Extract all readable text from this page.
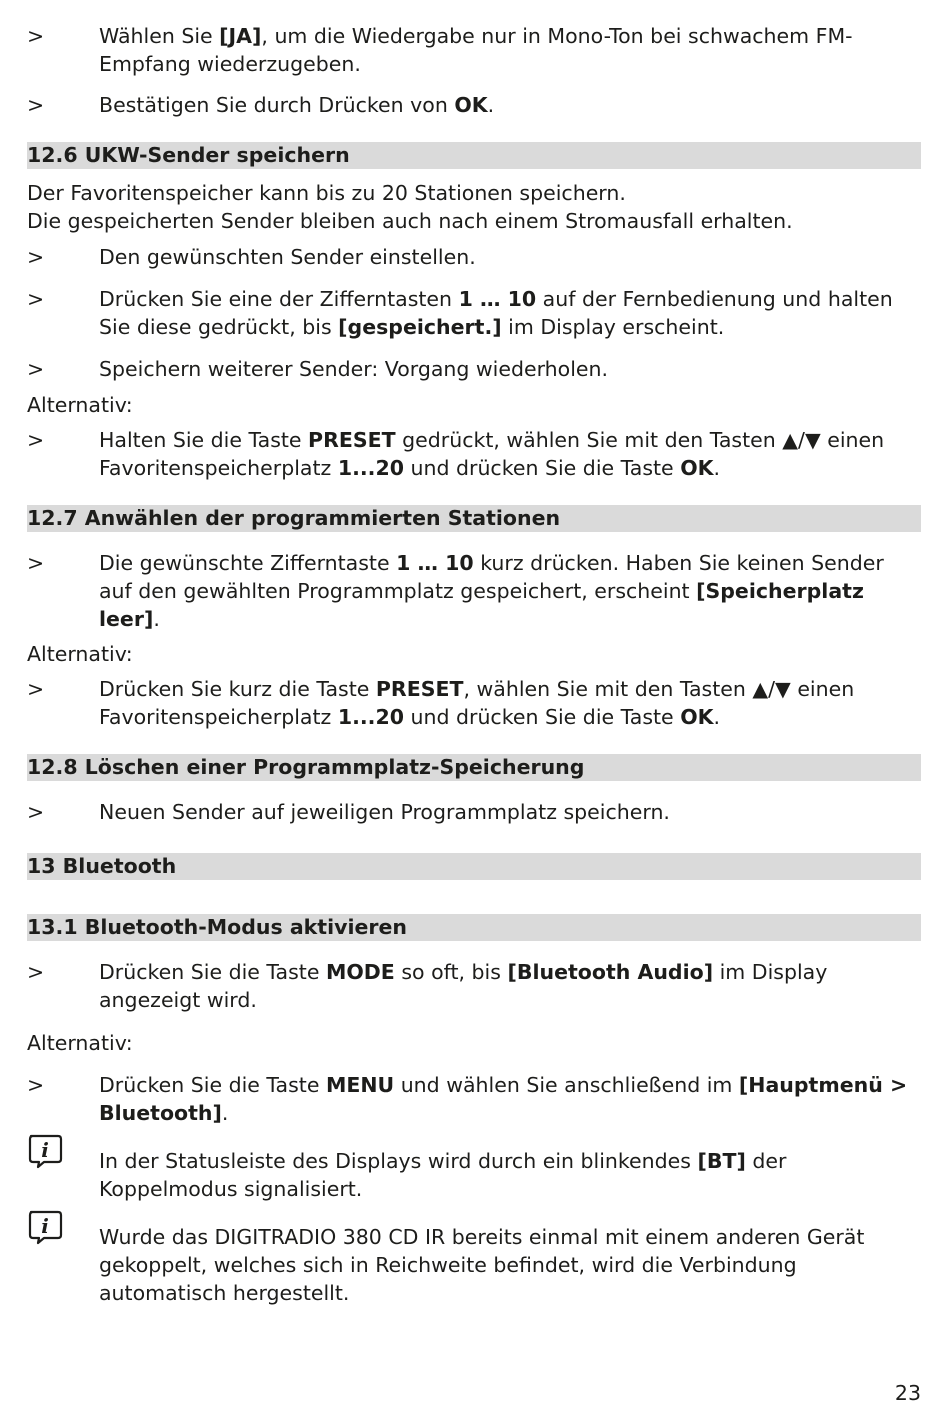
>	Wählen Sie [JA], um die Wiedergabe nur in Mono-Ton bei schwachem FM-Empfang wiederzugeben.
>	Bestätigen Sie durch Drücken von OK.
12.6 UKW-Sender speichern
Der Favoritenspeicher kann bis zu 20 Stationen speichern.
Die gespeicherten Sender bleiben auch nach einem Stromausfall erhalten.
>	Den gewünschten Sender einstellen.
>	Drücken Sie eine der Zifferntasten 1 … 10 auf der Fernbedienung und halten Sie diese gedrückt, bis [gespeichert.] im Display erscheint.
>	Speichern weiterer Sender: Vorgang wiederholen.
Alternativ:
>	Halten Sie die Taste PRESET gedrückt, wählen Sie mit den Tasten ▲/▼ einen Favoritenspeicherplatz 1...20 und drücken Sie die Taste OK.
12.7 Anwählen der programmierten Stationen
>	Die gewünschte Zifferntaste 1 … 10 kurz drücken. Haben Sie keinen Sender auf den gewählten Programmplatz gespeichert, erscheint [Speicherplatz leer].
Alternativ:
>	Drücken Sie kurz die Taste PRESET, wählen Sie mit den Tasten ▲/▼ einen Favoritenspeicherplatz 1...20 und drücken Sie die Taste OK.
12.8 Löschen einer Programmplatz-Speicherung
>	Neuen Sender auf jeweiligen Programmplatz speichern.
13 Bluetooth
13.1 Bluetooth-Modus aktivieren
>	Drücken Sie die Taste MODE so oft, bis [Bluetooth Audio] im Display angezeigt wird.
Alternativ:
>	Drücken Sie die Taste MENU und wählen Sie anschließend im [Hauptmenü > Bluetooth].
i In der Statusleiste des Displays wird durch ein blinkendes [BT] der Koppelmodus signalisiert.
i Wurde das DIGITRADIO 380 CD IR bereits einmal mit einem anderen Gerät gekoppelt, welches sich in Reichweite befindet, wird die Verbindung automatisch hergestellt.
23
